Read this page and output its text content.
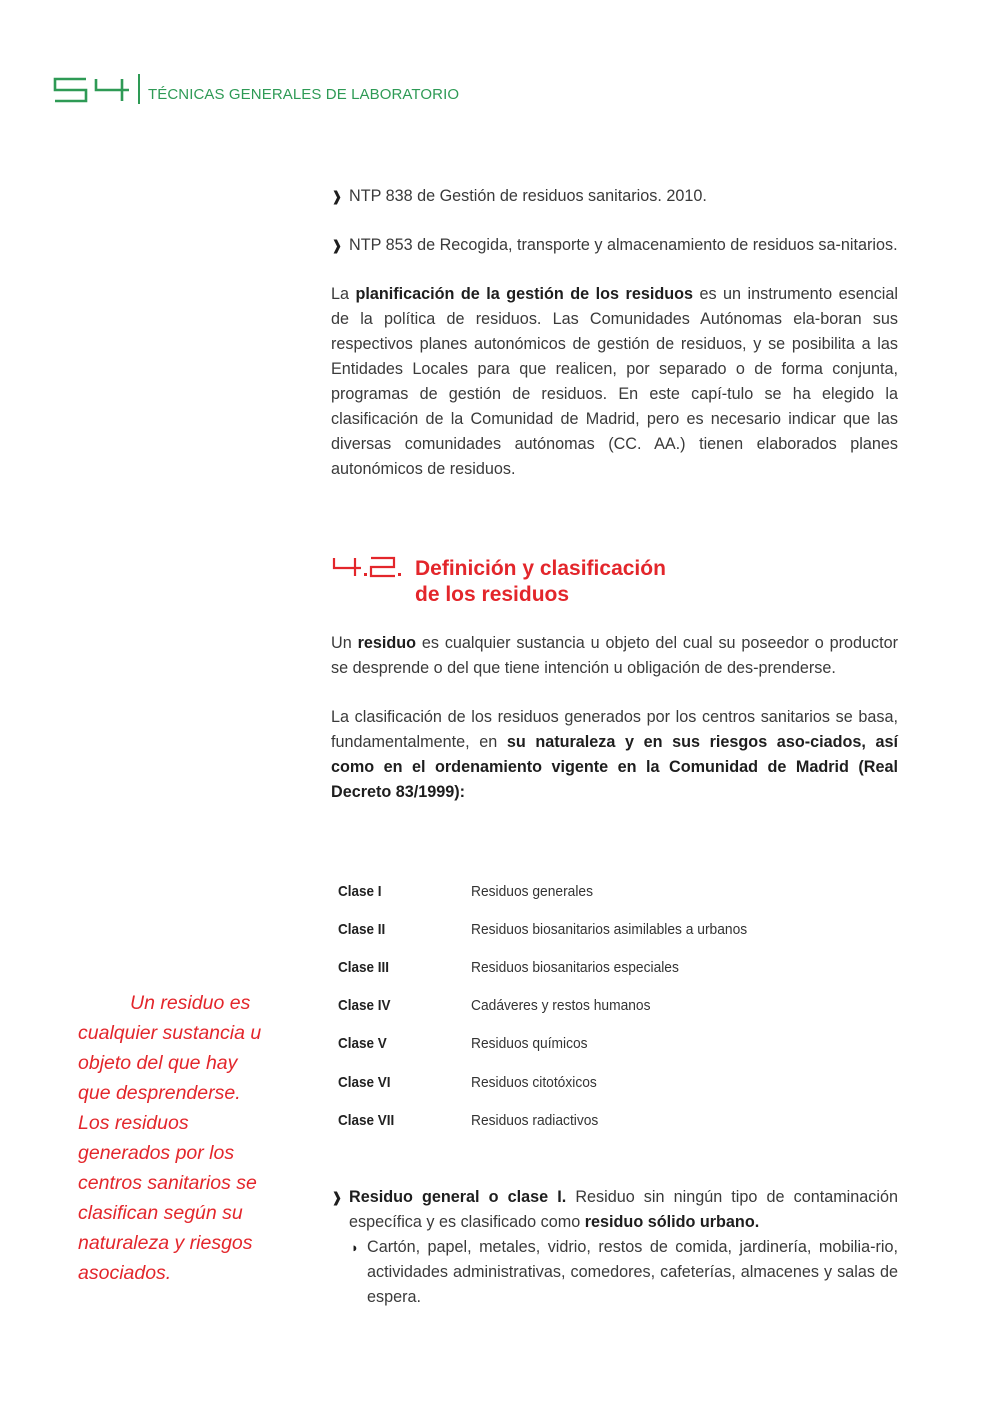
TÉCNICAS GENERALES DE LABORATORIO
❱ NTP 838 de Gestión de residuos sanitarios. 2010.
❱ NTP 853 de Recogida, transporte y almacenamiento de residuos sa-nitarios.

La planificación de la gestión de los residuos es un instrumento esencial de la política de residuos. Las Comunidades Autónomas ela-boran sus respectivos planes autonómicos de gestión de residuos, y se posibilita a las Entidades Locales para que realicen, por separado o de forma conjunta, programas de gestión de residuos. En este capí-tulo se ha elegido la clasificación de la Comunidad de Madrid, pero es necesario indicar que las diversas comunidades autónomas (CC. AA.) tienen elaborados planes autonómicos de residuos.

Definición y clasificación
de los residuos

Un residuo es cualquier sustancia u objeto del cual su poseedor o productor se desprende o del que tiene intención u obligación de des-prenderse.

La clasificación de los residuos generados por los centros sanitarios se basa, fundamentalmente, en su naturaleza y en sus riesgos aso-ciados, así como en el ordenamiento vigente en la Comunidad de Madrid (Real Decreto 83/1999):

Clase I	Residuos generales
Clase II	Residuos biosanitarios asimilables a urbanos
Clase III	Residuos biosanitarios especiales
Clase IV	Cadáveres y restos humanos
Clase V	Residuos químicos
Clase VI	Residuos citotóxicos
Clase VII	Residuos radiactivos
❱ Residuo general o clase I. Residuo sin ningún tipo de contaminación específica y es clasificado como residuo sólido urbano.
◗ Cartón, papel, metales, vidrio, restos de comida, jardinería, mobilia-rio, actividades administrativas, comedores, cafeterías, almacenes y salas de espera.
Un residuo es
cualquier sustancia u objeto del que hay que desprenderse. Los residuos generados por los centros sanitarios se clasifican según su naturaleza y riesgos asociados.
